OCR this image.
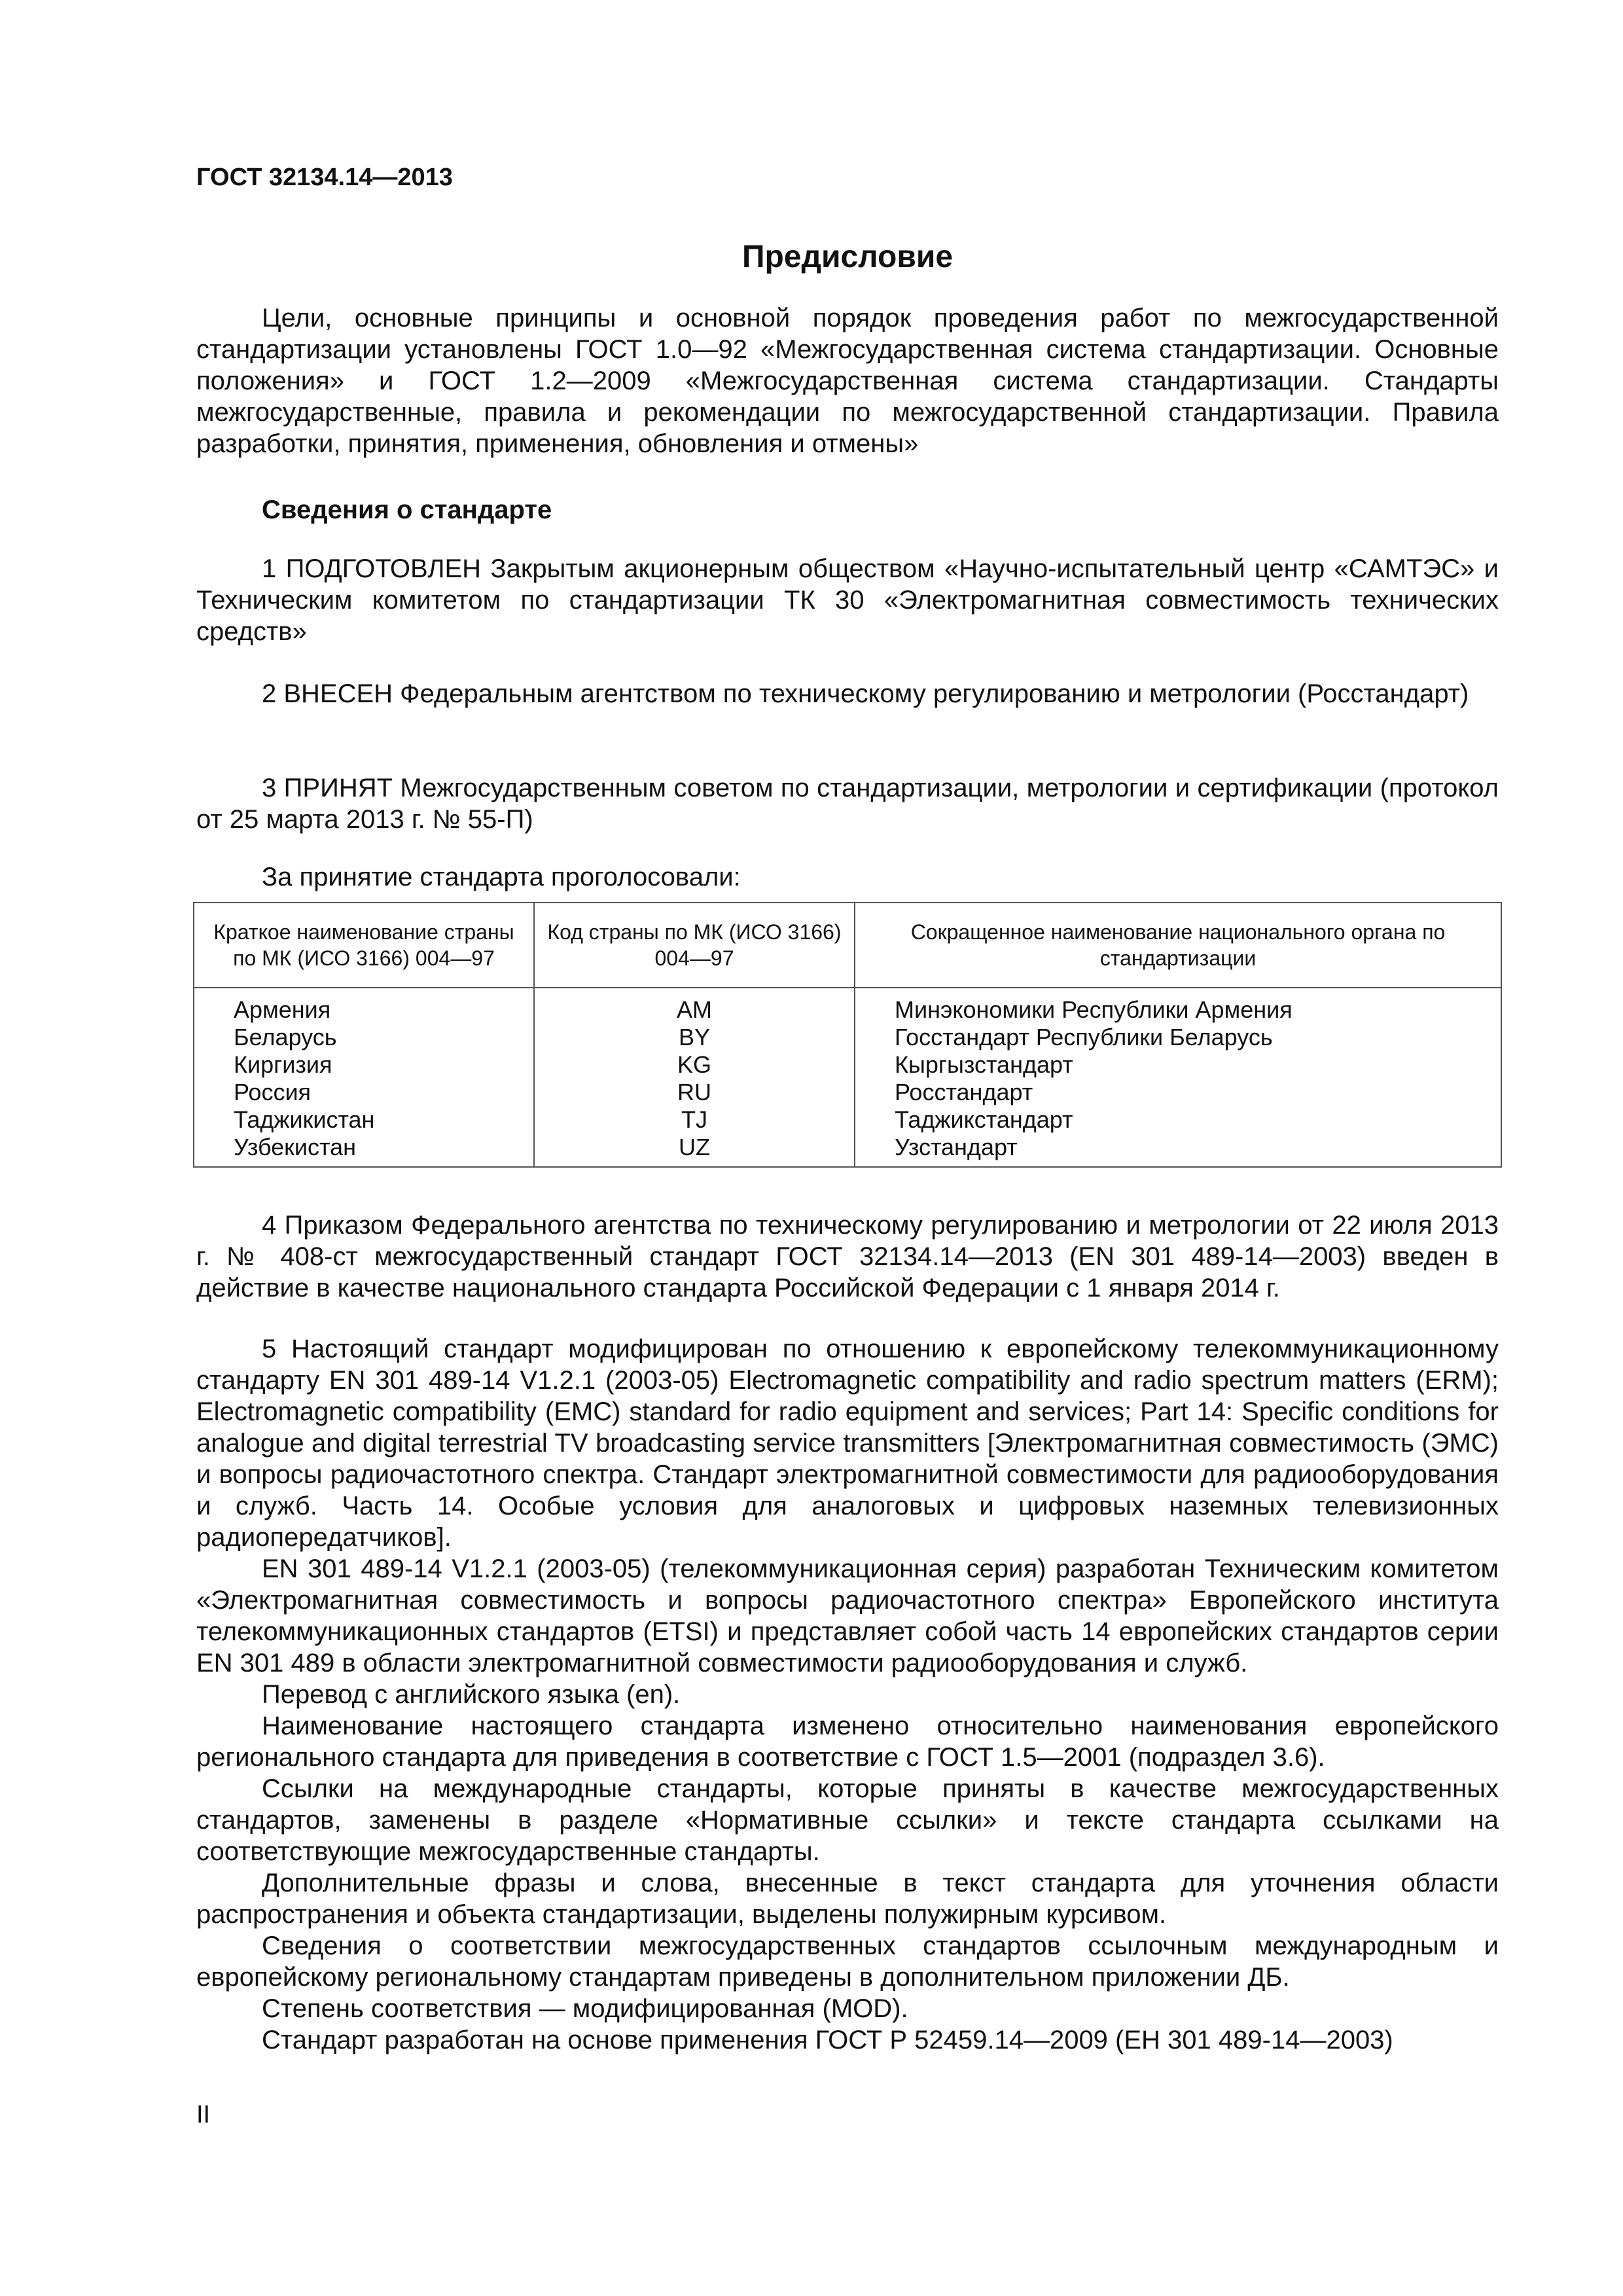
ГОСТ 32134.14—2013
Предисловие
Цели, основные принципы и основной порядок проведения работ по межгосударственной стандартизации установлены ГОСТ 1.0—92 «Межгосударственная система стандартизации. Основные положения» и ГОСТ 1.2—2009 «Межгосударственная система стандартизации. Стандарты межгосударственные, правила и рекомендации по межгосударственной стандартизации. Правила разработки, принятия, применения, обновления и отмены»
Сведения о стандарте
1 ПОДГОТОВЛЕН Закрытым акционерным обществом «Научно-испытательный центр «САМТЭС» и Техническим комитетом по стандартизации ТК 30 «Электромагнитная совместимость технических средств»
2 ВНЕСЕН Федеральным агентством по техническому регулированию и метрологии (Росстандарт)
3 ПРИНЯТ Межгосударственным советом по стандартизации, метрологии и сертификации (протокол от 25 марта 2013 г. № 55-П)
За принятие стандарта проголосовали:
Краткое наименование страны по МК (ИСО 3166) 004—97	Код страны по МК (ИСО 3166) 004—97	Сокращенное наименование национального органа по стандартизации
Армения	AM	Минэкономики Республики Армения
Беларусь	BY	Госстандарт Республики Беларусь
Киргизия	KG	Кыргызстандарт
Россия	RU	Росстандарт
Таджикистан	TJ	Таджикстандарт
Узбекистан	UZ	Узстандарт
4 Приказом Федерального агентства по техническому регулированию и метрологии от 22 июля 2013 г. № 408-ст межгосударственный стандарт ГОСТ 32134.14—2013 (EN 301 489-14—2003) введен в действие в качестве национального стандарта Российской Федерации с 1 января 2014 г.
5 Настоящий стандарт модифицирован по отношению к европейскому телекоммуникационному стандарту EN 301 489-14 V1.2.1 (2003-05) Electromagnetic compatibility and radio spectrum matters (ERM); Electromagnetic compatibility (EMC) standard for radio equipment and services; Part 14: Specific conditions for analogue and digital terrestrial TV broadcasting service transmitters [Электромагнитная совместимость (ЭМС) и вопросы радиочастотного спектра. Стандарт электромагнитной совместимости для радиооборудования и служб. Часть 14. Особые условия для аналоговых и цифровых наземных телевизионных радиопередатчиков].
EN 301 489-14 V1.2.1 (2003-05) (телекоммуникационная серия) разработан Техническим комитетом «Электромагнитная совместимость и вопросы радиочастотного спектра» Европейского института телекоммуникационных стандартов (ETSI) и представляет собой часть 14 европейских стандартов серии EN 301 489 в области электромагнитной совместимости радиооборудования и служб.
Перевод с английского языка (en).
Наименование настоящего стандарта изменено относительно наименования европейского регионального стандарта для приведения в соответствие с ГОСТ 1.5—2001 (подраздел 3.6).
Ссылки на международные стандарты, которые приняты в качестве межгосударственных стандартов, заменены в разделе «Нормативные ссылки» и тексте стандарта ссылками на соответствующие межгосударственные стандарты.
Дополнительные фразы и слова, внесенные в текст стандарта для уточнения области распространения и объекта стандартизации, выделены полужирным курсивом.
Сведения о соответствии межгосударственных стандартов ссылочным международным и европейскому региональному стандартам приведены в дополнительном приложении ДБ.
Степень соответствия — модифицированная (MOD).
Стандарт разработан на основе применения ГОСТ Р 52459.14—2009 (ЕН 301 489-14—2003)
II
